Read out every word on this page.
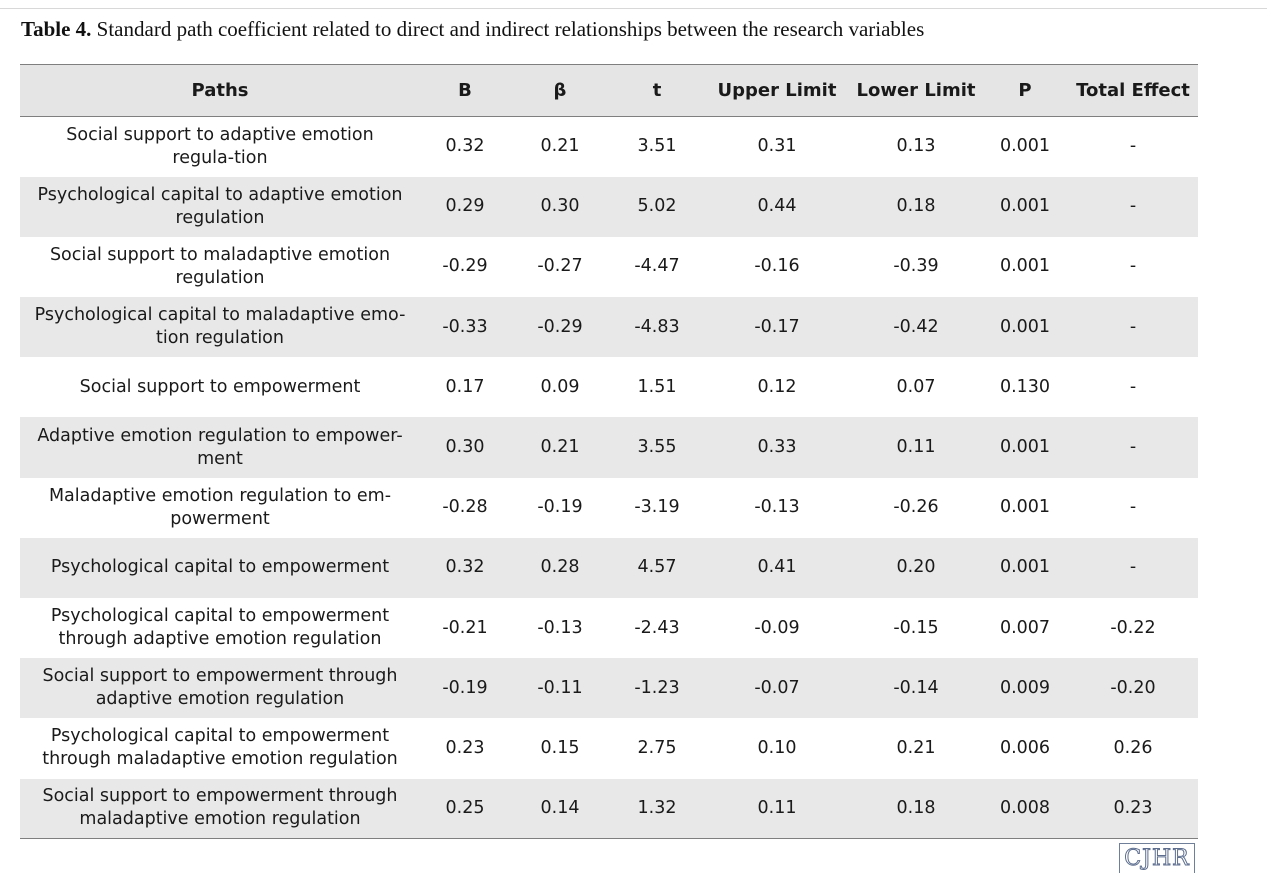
Table 4. Standard path coefficient related to direct and indirect relationships between the research variables
Paths	B	β	t	Upper Limit	Lower Limit	P	Total Effect
Social support to adaptive emotion regula-tion	0.32	0.21	3.51	0.31	0.13	0.001	-
Psychological capital to adaptive emotion regulation	0.29	0.30	5.02	0.44	0.18	0.001	-
Social support to maladaptive emotion regulation	-0.29	-0.27	-4.47	-0.16	-0.39	0.001	-
Psychological capital to maladaptive emo-tion regulation	-0.33	-0.29	-4.83	-0.17	-0.42	0.001	-
Social support to empowerment	0.17	0.09	1.51	0.12	0.07	0.130	-
Adaptive emotion regulation to empower-ment	0.30	0.21	3.55	0.33	0.11	0.001	-
Maladaptive emotion regulation to em-powerment	-0.28	-0.19	-3.19	-0.13	-0.26	0.001	-
Psychological capital to empowerment	0.32	0.28	4.57	0.41	0.20	0.001	-
Psychological capital to empowerment through adaptive emotion regulation	-0.21	-0.13	-2.43	-0.09	-0.15	0.007	-0.22
Social support to empowerment through adaptive emotion regulation	-0.19	-0.11	-1.23	-0.07	-0.14	0.009	-0.20
Psychological capital to empowerment through maladaptive emotion regulation	0.23	0.15	2.75	0.10	0.21	0.006	0.26
Social support to empowerment through maladaptive emotion regulation	0.25	0.14	1.32	0.11	0.18	0.008	0.23
CJHR
